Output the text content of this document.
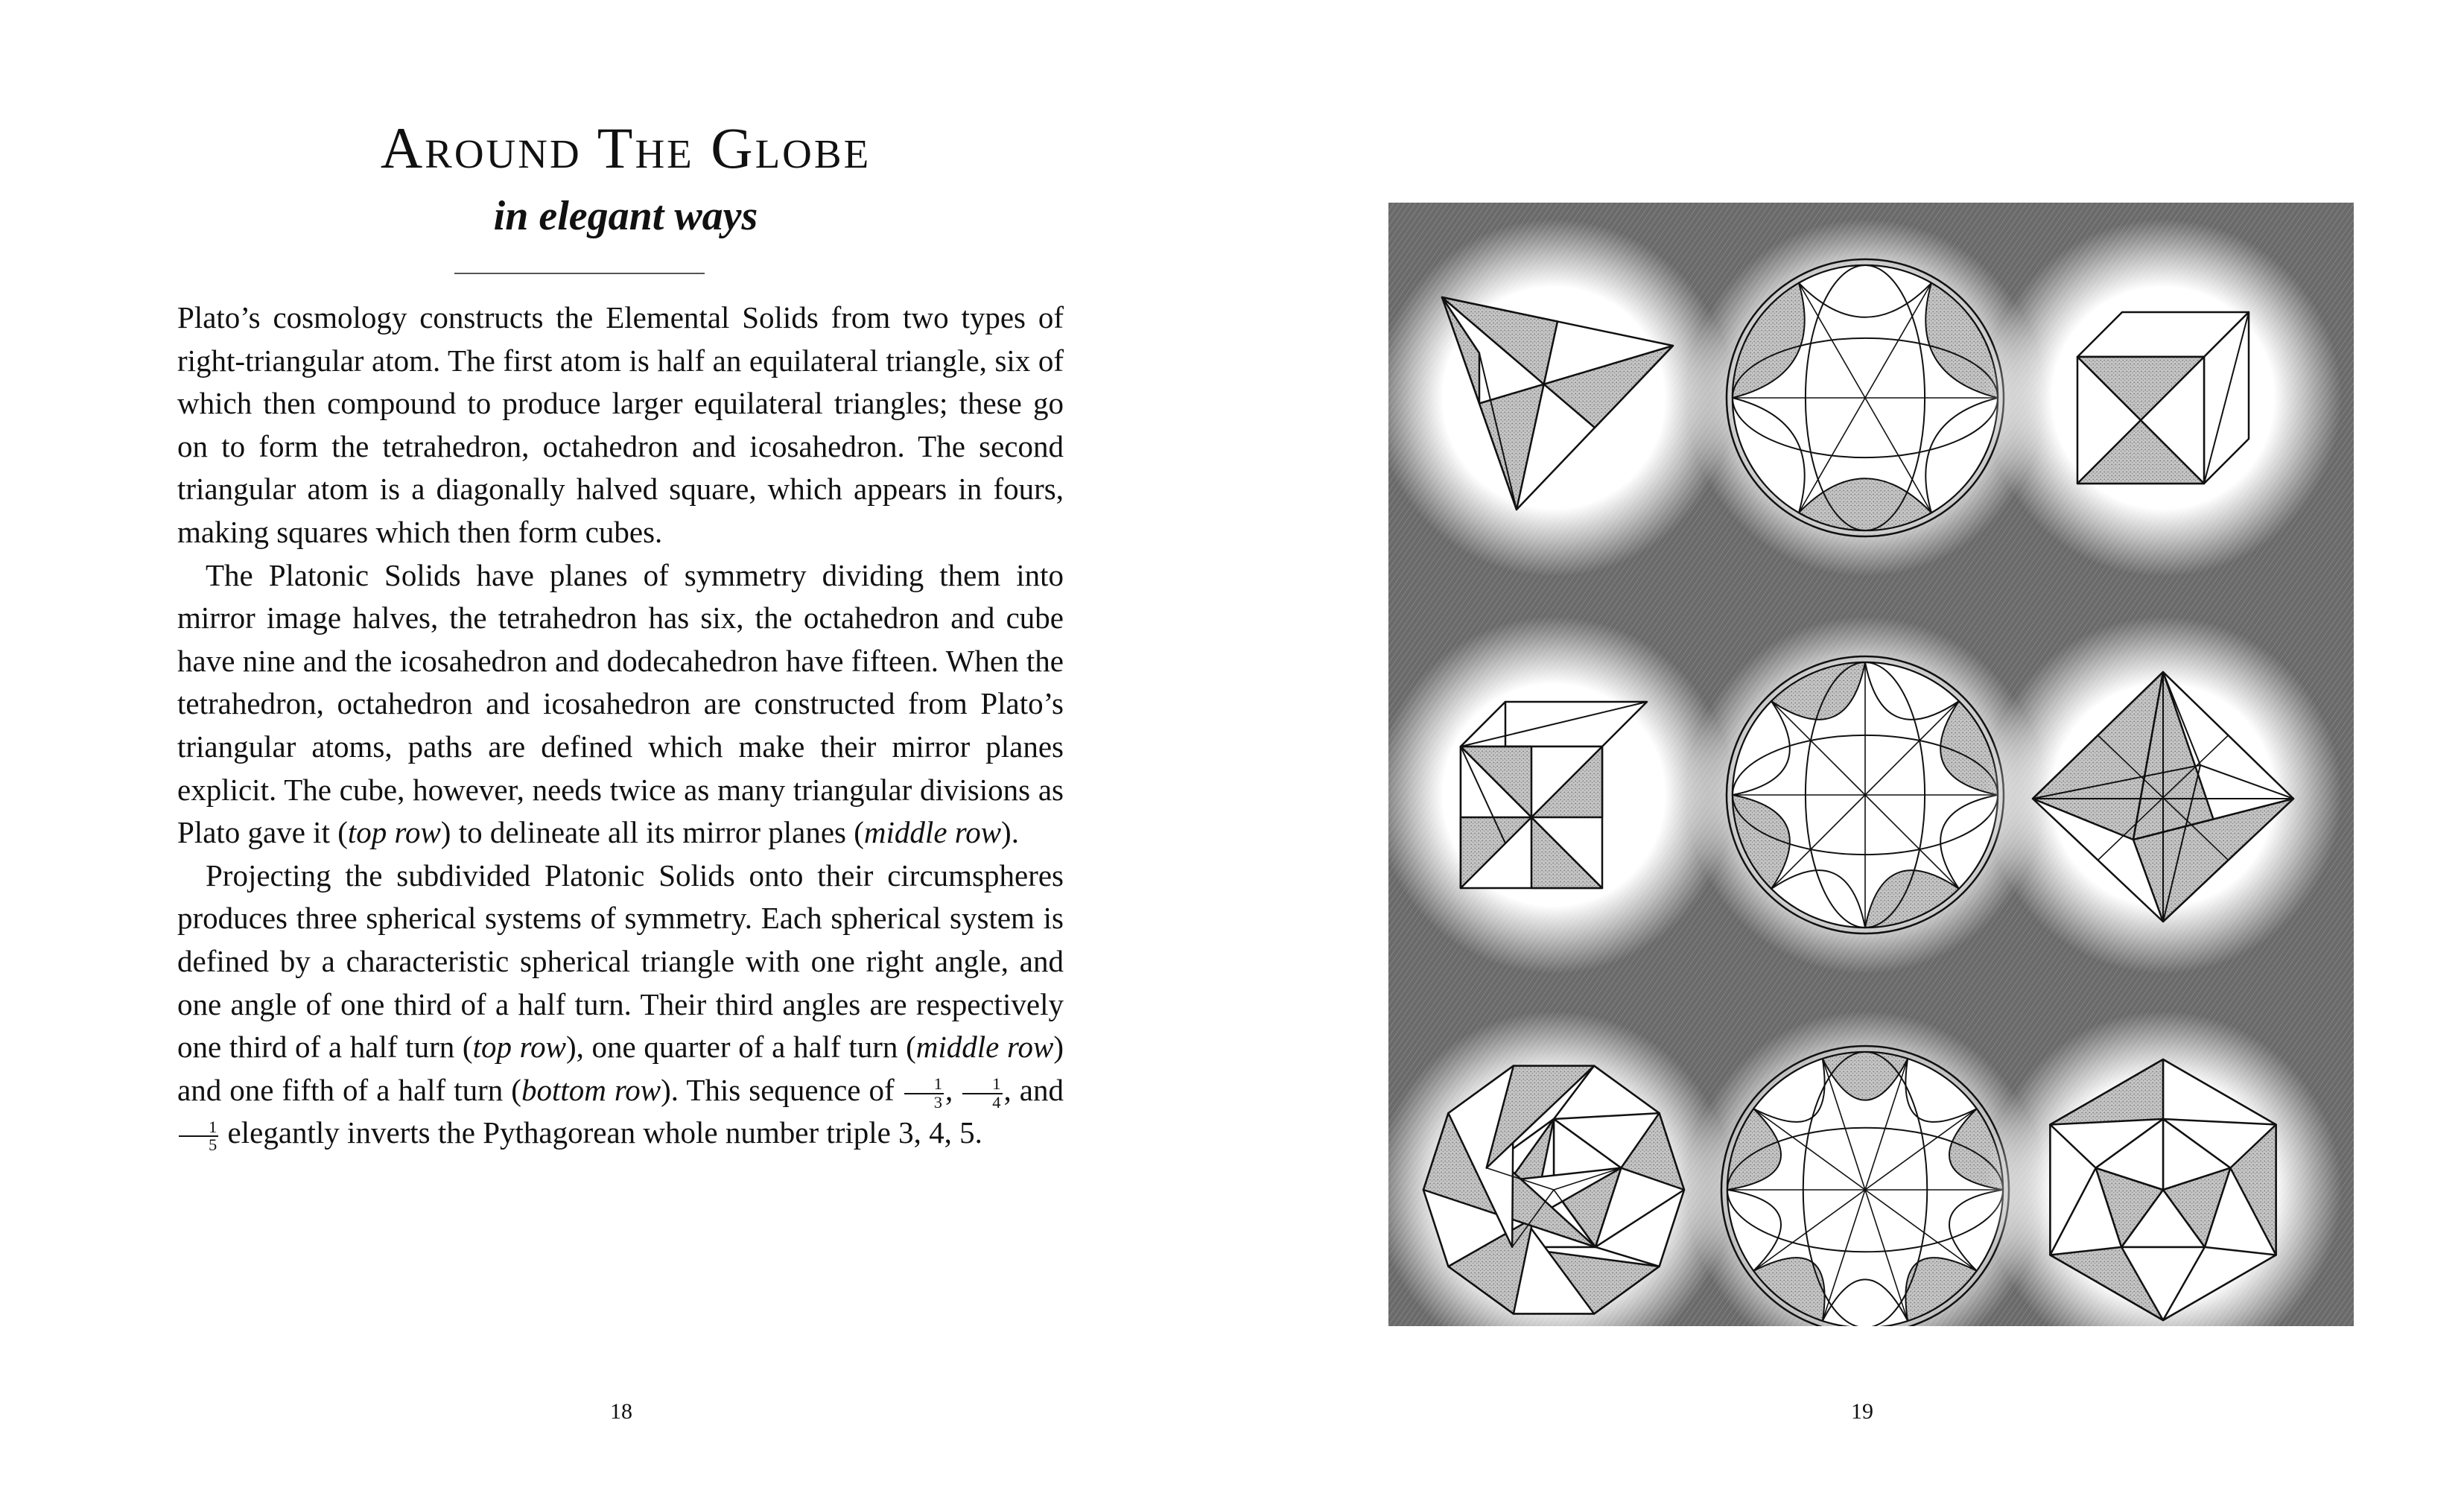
Around The Globe
in elegant ways

Plato’s cosmology constructs the Elemental Solids from two types of right-triangular atom. The first atom is half an equilateral triangle, six of which then compound to produce larger equilateral triangles; these go on to form the tetrahedron, octahedron and icosahedron. The second triangular atom is a diagonally halved square, which appears in fours, making squares which then form cubes.

The Platonic Solids have planes of symmetry dividing them into mirror image halves, the tetrahedron has six, the octahedron and cube have nine and the icosahedron and dodecahedron have fifteen. When the tetrahedron, octahedron and icosahedron are constructed from Plato’s triangular atoms, paths are defined which make their mirror planes explicit. The cube, however, needs twice as many triangular divisions as Plato gave it (top row) to delineate all its mirror planes (middle row).

Projecting the subdivided Platonic Solids onto their circumspheres produces three spherical systems of symmetry. Each spherical system is defined by a characteristic spherical triangle with one right angle, and one angle of one third of a half turn. Their third angles are respectively one third of a half turn (top row), one quarter of a half turn (middle row) and one fifth of a half turn (bottom row). This sequence of $\frac{1}{3}$ , $\frac{1}{4}$ , and
$\frac{1}{5}$ elegantly inverts the Pythagorean whole number triple 3, 4, 5.

18	19
